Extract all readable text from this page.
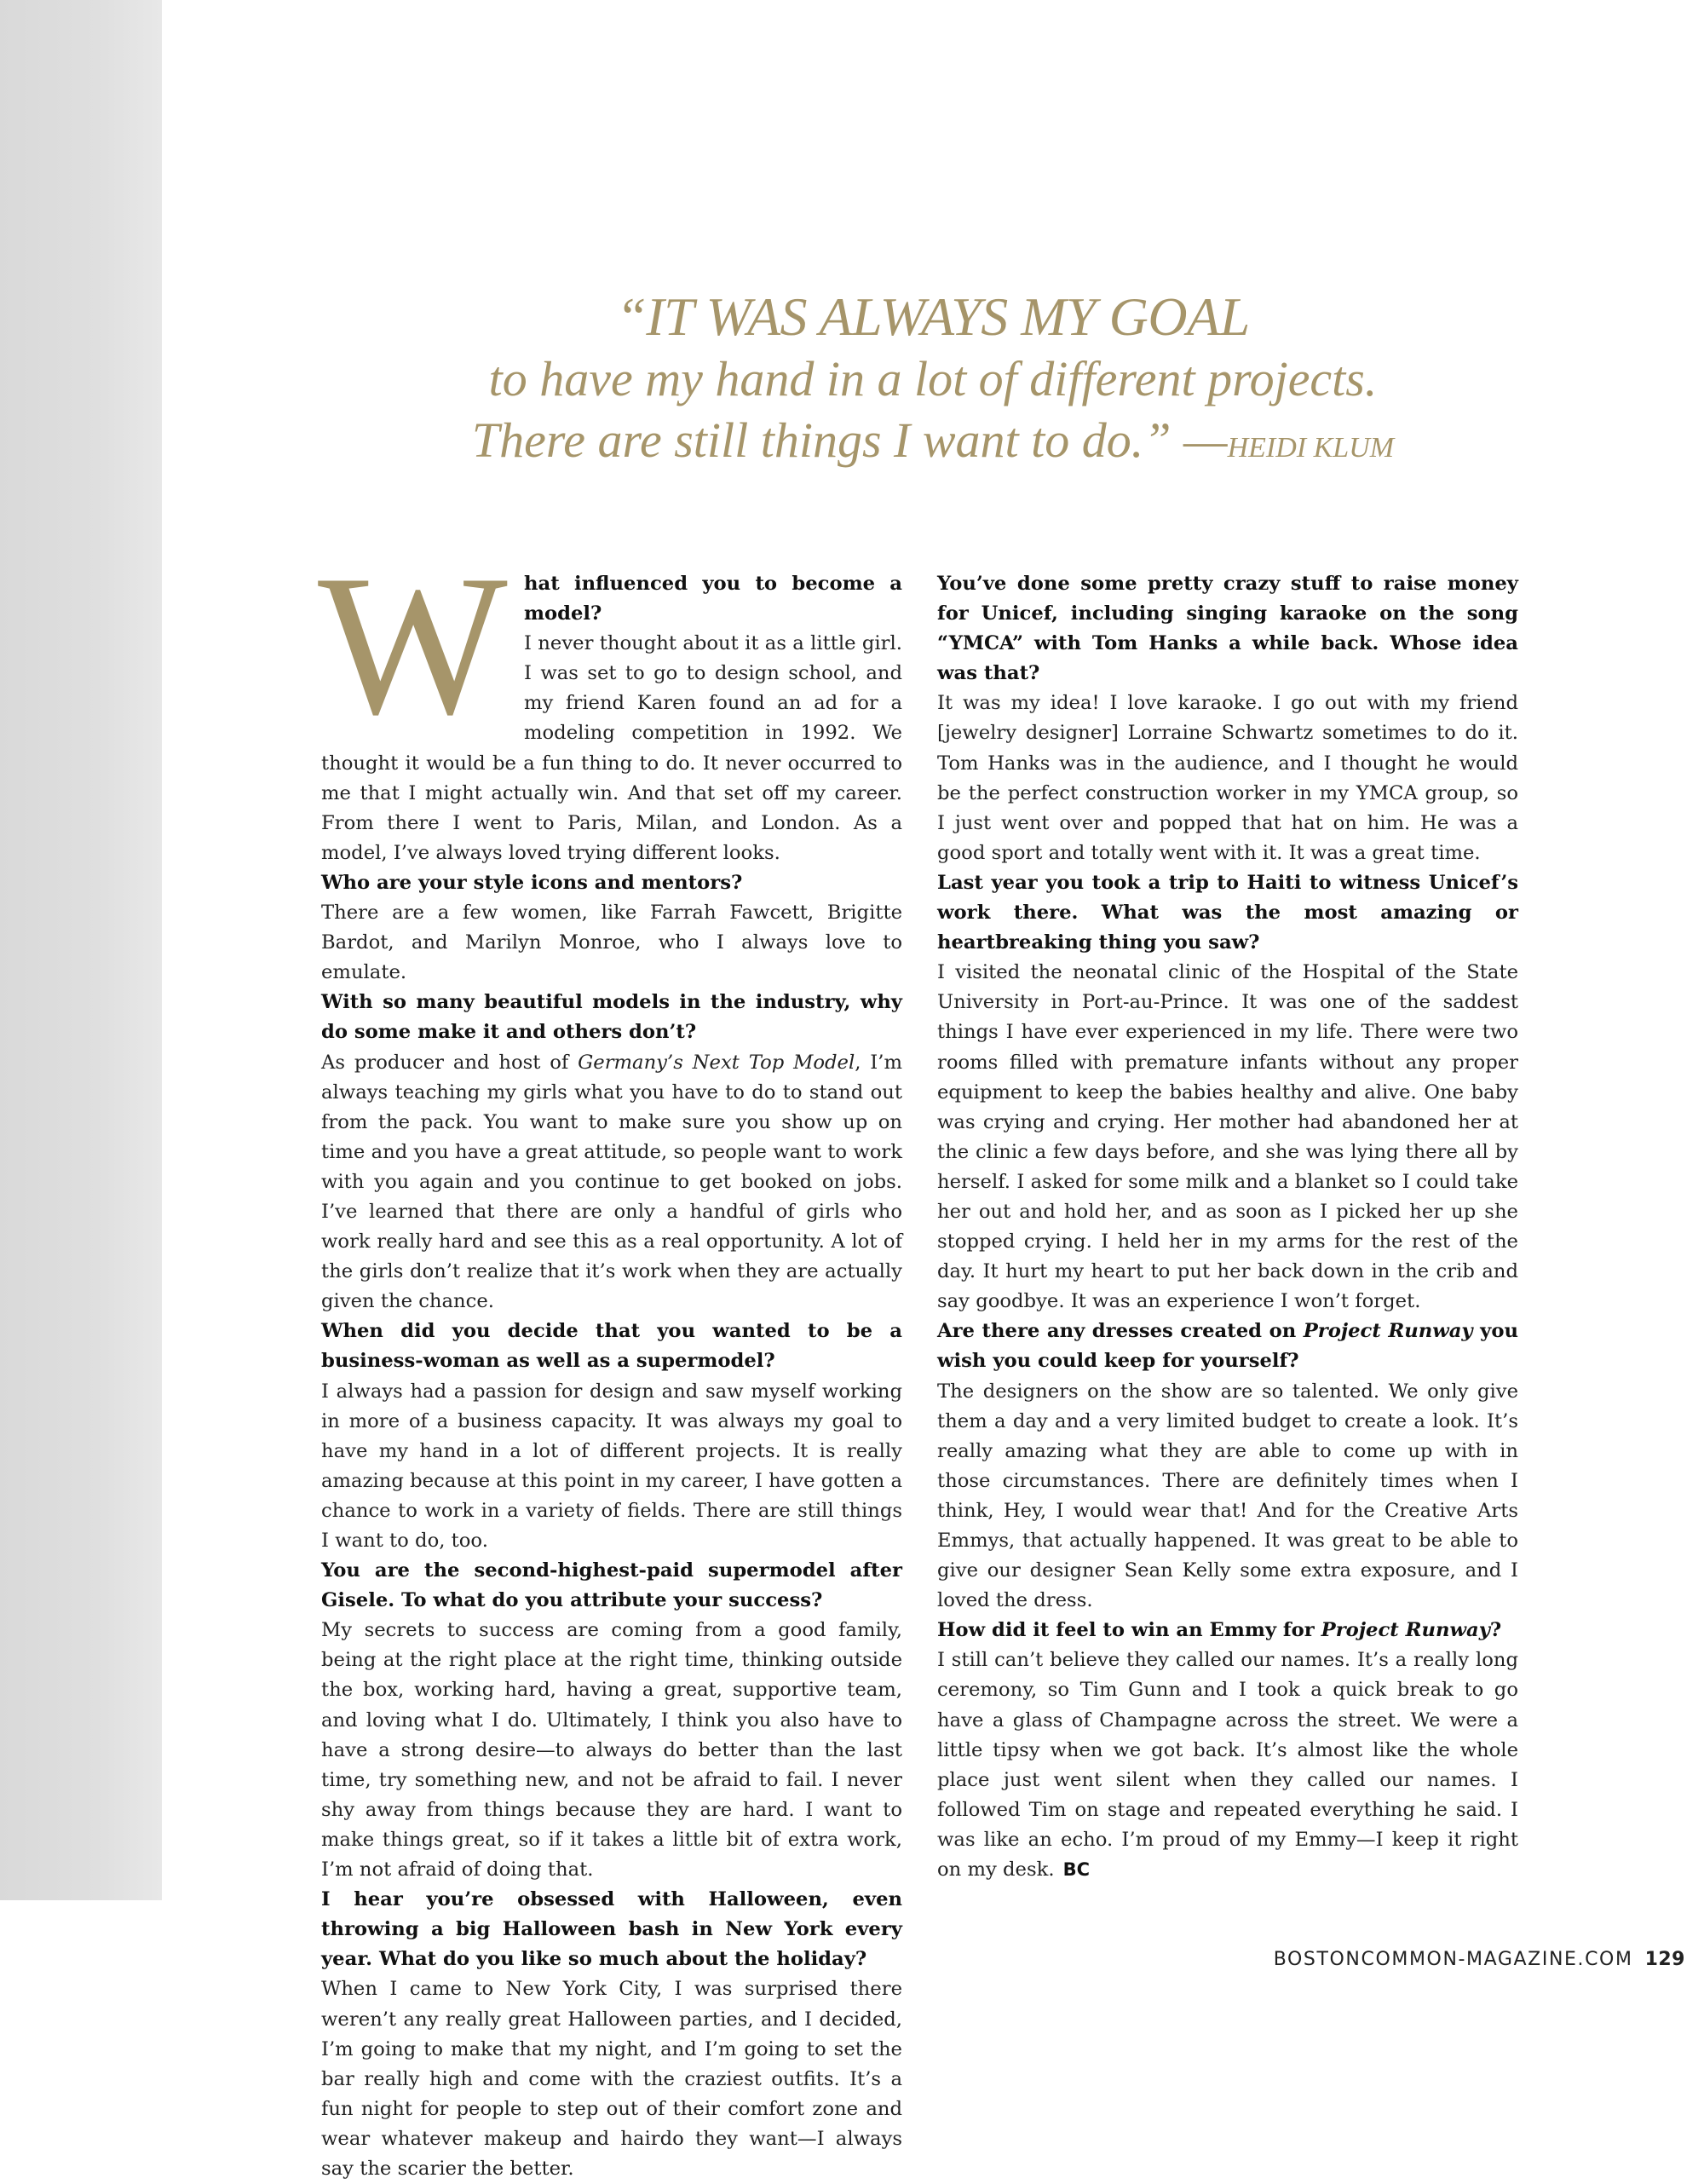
“IT WAS ALWAYS MY GOAL
to have my hand in a lot of different projects.
There are still things I want to do.” —HEIDI KLUM
W hat influenced you to become a model?

I never thought about it as a little girl. I was set to go to design school, and my friend Karen found an ad for a modeling competition in 1992. We thought it would be a fun thing to do. It never occurred to me that I might actually win. And that set off my career. From there I went to Paris, Milan, and London. As a model, I’ve always loved trying different looks.

Who are your style icons and mentors?

There are a few women, like Farrah Fawcett, Brigitte Bardot, and Marilyn Monroe, who I always love to emulate.

With so many beautiful models in the industry, why do some make it and others don’t?

As producer and host of Germany’s Next Top Model, I’m always teaching my girls what you have to do to stand out from the pack. You want to make sure you show up on time and you have a great attitude, so people want to work with you again and you continue to get booked on jobs. I’ve learned that there are only a handful of girls who work really hard and see this as a real opportunity. A lot of the girls don’t realize that it’s work when they are actually given the chance.

When did you decide that you wanted to be a business-woman as well as a supermodel?

I always had a passion for design and saw myself working in more of a business capacity. It was always my goal to have my hand in a lot of different projects. It is really amazing because at this point in my career, I have gotten a chance to work in a variety of fields. There are still things I want to do, too.

You are the second-highest-paid supermodel after Gisele. To what do you attribute your success?

My secrets to success are coming from a good family, being at the right place at the right time, thinking outside the box, working hard, having a great, supportive team, and loving what I do. Ultimately, I think you also have to have a strong desire—to always do better than the last time, try something new, and not be afraid to fail. I never shy away from things because they are hard. I want to make things great, so if it takes a little bit of extra work, I’m not afraid of doing that.

I hear you’re obsessed with Halloween, even throwing a big Halloween bash in New York every year. What do you like so much about the holiday?

When I came to New York City, I was surprised there weren’t any really great Halloween parties, and I decided, I’m going to make that my night, and I’m going to set the bar really high and come with the craziest outfits. It’s a fun night for people to step out of their comfort zone and wear whatever makeup and hairdo they want—I always say the scarier the better.

You’ve done some pretty crazy stuff to raise money for Unicef, including singing karaoke on the song “YMCA” with Tom Hanks a while back. Whose idea was that?

It was my idea! I love karaoke. I go out with my friend [jewelry designer] Lorraine Schwartz sometimes to do it. Tom Hanks was in the audience, and I thought he would be the perfect construction worker in my YMCA group, so I just went over and popped that hat on him. He was a good sport and totally went with it. It was a great time.

Last year you took a trip to Haiti to witness Unicef’s work there. What was the most amazing or heartbreaking thing you saw?

I visited the neonatal clinic of the Hospital of the State University in Port-au-Prince. It was one of the saddest things I have ever experienced in my life. There were two rooms filled with premature infants without any proper equipment to keep the babies healthy and alive. One baby was crying and crying. Her mother had abandoned her at the clinic a few days before, and she was lying there all by herself. I asked for some milk and a blanket so I could take her out and hold her, and as soon as I picked her up she stopped crying. I held her in my arms for the rest of the day. It hurt my heart to put her back down in the crib and say goodbye. It was an experience I won’t forget.

Are there any dresses created on Project Runway you wish you could keep for yourself?

The designers on the show are so talented. We only give them a day and a very limited budget to create a look. It’s really amazing what they are able to come up with in those circumstances. There are definitely times when I think, Hey, I would wear that! And for the Creative Arts Emmys, that actually happened. It was great to be able to give our designer Sean Kelly some extra exposure, and I loved the dress.

How did it feel to win an Emmy for Project Runway?

I still can’t believe they called our names. It’s a really long ceremony, so Tim Gunn and I took a quick break to go have a glass of Champagne across the street. We were a little tipsy when we got back. It’s almost like the whole place just went silent when they called our names. I followed Tim on stage and repeated everything he said. I was like an echo. I’m proud of my Emmy—I keep it right on my desk. BC

BOSTONCOMMON-MAGAZINE.COM 129
